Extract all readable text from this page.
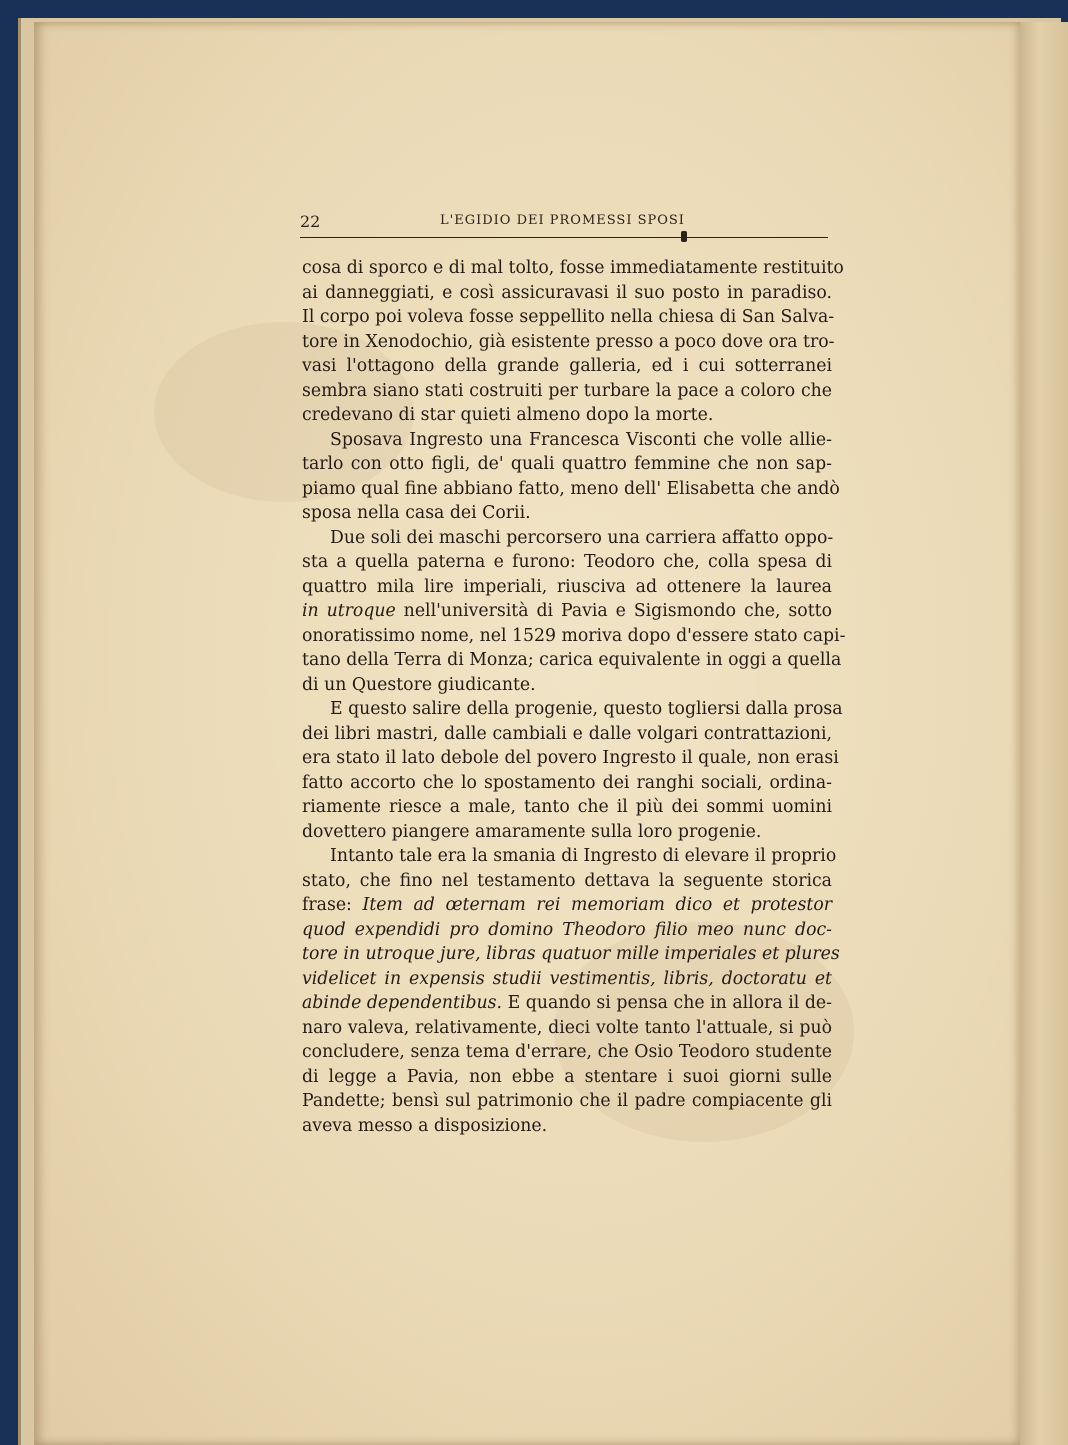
22	L'EGIDIO DEI PROMESSI SPOSI
cosa di sporco e di mal tolto, fosse immediatamente restituito
ai danneggiati, e così assicuravasi il suo posto in paradiso.
Il corpo poi voleva fosse seppellito nella chiesa di San Salva-
tore in Xenodochio, già esistente presso a poco dove ora tro-
vasi l'ottagono della grande galleria, ed i cui sotterranei
sembra siano stati costruiti per turbare la pace a coloro che
credevano di star quieti almeno dopo la morte.
Sposava Ingresto una Francesca Visconti che volle allie-
tarlo con otto figli, de' quali quattro femmine che non sap-
piamo qual fine abbiano fatto, meno dell' Elisabetta che andò
sposa nella casa dei Corii.
Due soli dei maschi percorsero una carriera affatto oppo-
sta a quella paterna e furono: Teodoro che, colla spesa di
quattro mila lire imperiali, riusciva ad ottenere la laurea
in utroque nell'università di Pavia e Sigismondo che, sotto
onoratissimo nome, nel 1529 moriva dopo d'essere stato capi-
tano della Terra di Monza; carica equivalente in oggi a quella
di un Questore giudicante.
E questo salire della progenie, questo togliersi dalla prosa
dei libri mastri, dalle cambiali e dalle volgari contrattazioni,
era stato il lato debole del povero Ingresto il quale, non erasi
fatto accorto che lo spostamento dei ranghi sociali, ordina-
riamente riesce a male, tanto che il più dei sommi uomini
dovettero piangere amaramente sulla loro progenie.
Intanto tale era la smania di Ingresto di elevare il proprio
stato, che fino nel testamento dettava la seguente storica
frase: Item ad œternam rei memoriam dico et protestor
quod expendidi pro domino Theodoro filio meo nunc doc-
tore in utroque jure, libras quatuor mille imperiales et plures
videlicet in expensis studii vestimentis, libris, doctoratu et
abinde dependentibus. E quando si pensa che in allora il de-
naro valeva, relativamente, dieci volte tanto l'attuale, si può
concludere, senza tema d'errare, che Osio Teodoro studente
di legge a Pavia, non ebbe a stentare i suoi giorni sulle
Pandette; bensì sul patrimonio che il padre compiacente gli
aveva messo a disposizione.
